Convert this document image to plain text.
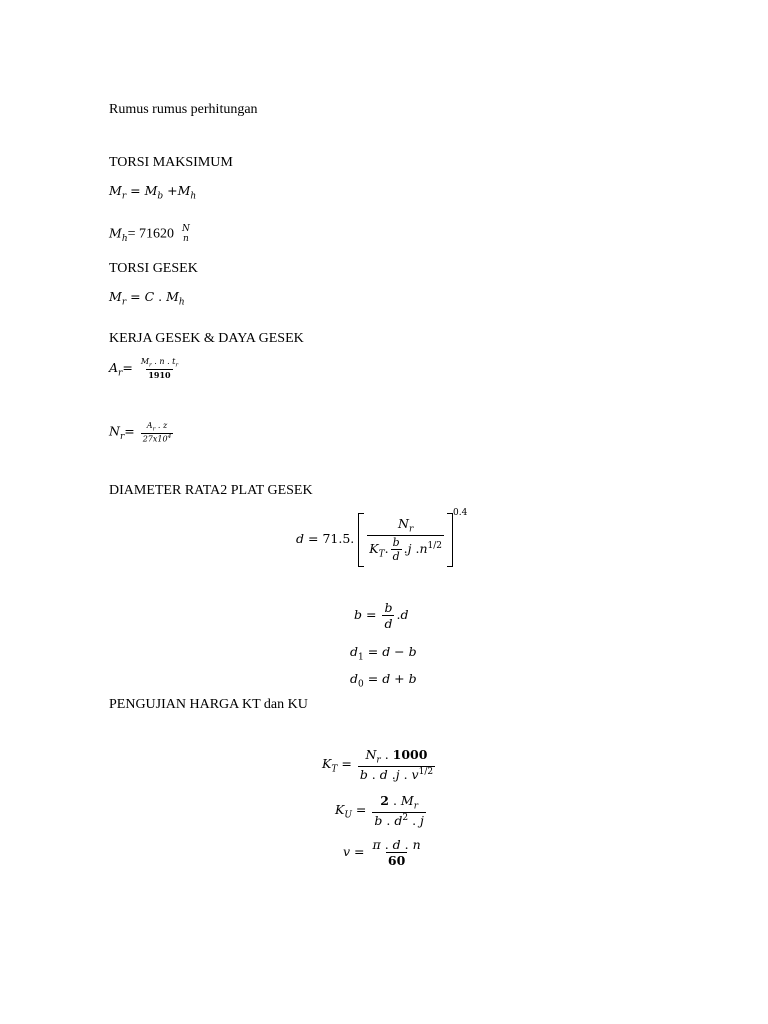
Rumus rumus perhitungan
TORSI MAKSIMUM
$M_r = M_b +M_h$
$M_h= 71620$ N
n
TORSI GESEK
$M_r = C$ . $M_h$
KERJA GESEK & DAYA GESEK
$A_r= \frac{M_r . n . t_r}{1910}$
$N_r= \frac{A_r . z}{27x10^4}$
DIAMETER RATA2 PLAT GESEK
d = 71.5. $\frac{N_r}{K_T. \frac{b}{d} .j .n^{1/2}}$
$^{0.4}$
$b = \frac{b}{d} .d$
$d_1 = d - b$
$d_0 = d + b$
PENGUJIAN HARGA KT dan KU
$K_T = \frac{N_r . 1000}{b . d .j . v^{1/2}}$
$K_U = \frac{2 . M_r}{b . d^2 . j}$
$v = \frac{\pi . d . n}{60}$
